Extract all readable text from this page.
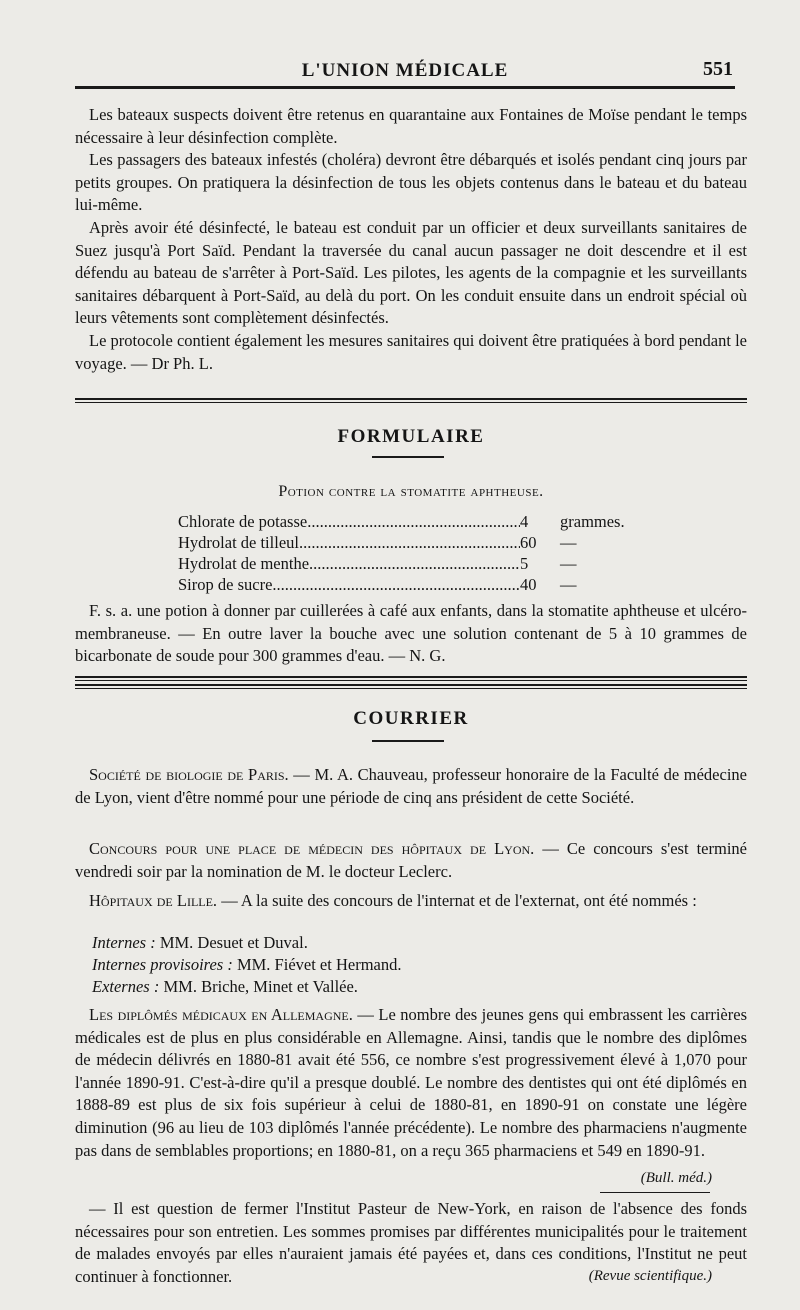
L'UNION MÉDICALE	551

Les bateaux suspects doivent être retenus en quarantaine aux Fontaines de Moïse pendant le temps nécessaire à leur désinfection complète.

Les passagers des bateaux infestés (choléra) devront être débarqués et isolés pendant cinq jours par petits groupes. On pratiquera la désinfection de tous les objets contenus dans le bateau et du bateau lui-même.

Après avoir été désinfecté, le bateau est conduit par un officier et deux surveillants sanitaires de Suez jusqu'à Port Saïd. Pendant la traversée du canal aucun passager ne doit descendre et il est défendu au bateau de s'arrêter à Port-Saïd. Les pilotes, les agents de la compagnie et les surveillants sanitaires débarquent à Port-Saïd, au delà du port. On les conduit ensuite dans un endroit spécial où leurs vêtements sont complètement désinfectés.

Le protocole contient également les mesures sanitaires qui doivent être pratiquées à bord pendant le voyage. — Dr Ph. L.

FORMULAIRE
Potion contre la stomatite aphtheuse.
Chlorate de potasse .....	4	grammes.
Hydrolat de tilleul .....	60	—
Hydrolat de menthe .....	5	—
Sirop de sucre .....	40	—

F. s. a. une potion à donner par cuillerées à café aux enfants, dans la stomatite aphtheuse et ulcéro-membraneuse. — En outre laver la bouche avec une solution contenant de 5 à 10 grammes de bicarbonate de soude pour 300 grammes d'eau. — N. G.

COURRIER

Société de biologie de Paris. — M. A. Chauveau, professeur honoraire de la Faculté de médecine de Lyon, vient d'être nommé pour une période de cinq ans président de cette Société.

Concours pour une place de médecin des hôpitaux de Lyon. — Ce concours s'est terminé vendredi soir par la nomination de M. le docteur Leclerc.

Hôpitaux de Lille. — A la suite des concours de l'internat et de l'externat, ont été nommés :

Internes : MM. Desuet et Duval.
Internes provisoires : MM. Fiévet et Hermand.
Externes : MM. Briche, Minet et Vallée.

Les diplômés médicaux en Allemagne. — Le nombre des jeunes gens qui embrassent les carrières médicales est de plus en plus considérable en Allemagne. Ainsi, tandis que le nombre des diplômes de médecin délivrés en 1880-81 avait été 556, ce nombre s'est progressivement élevé à 1,070 pour l'année 1890-91. C'est-à-dire qu'il a presque doublé. Le nombre des dentistes qui ont été diplômés en 1888-89 est plus de six fois supérieur à celui de 1880-81, en 1890-91 on constate une légère diminution (96 au lieu de 103 diplômés l'année précédente). Le nombre des pharmaciens n'augmente pas dans de semblables proportions; en 1880-81, on a reçu 365 pharmaciens et 549 en 1890-91.

(Bull. méd.)

— Il est question de fermer l'Institut Pasteur de New-York, en raison de l'absence des fonds nécessaires pour son entretien. Les sommes promises par différentes municipalités pour le traitement de malades envoyés par elles n'auraient jamais été payées et, dans ces conditions, l'Institut ne peut continuer à fonctionner.	(Revue scientifique.)
